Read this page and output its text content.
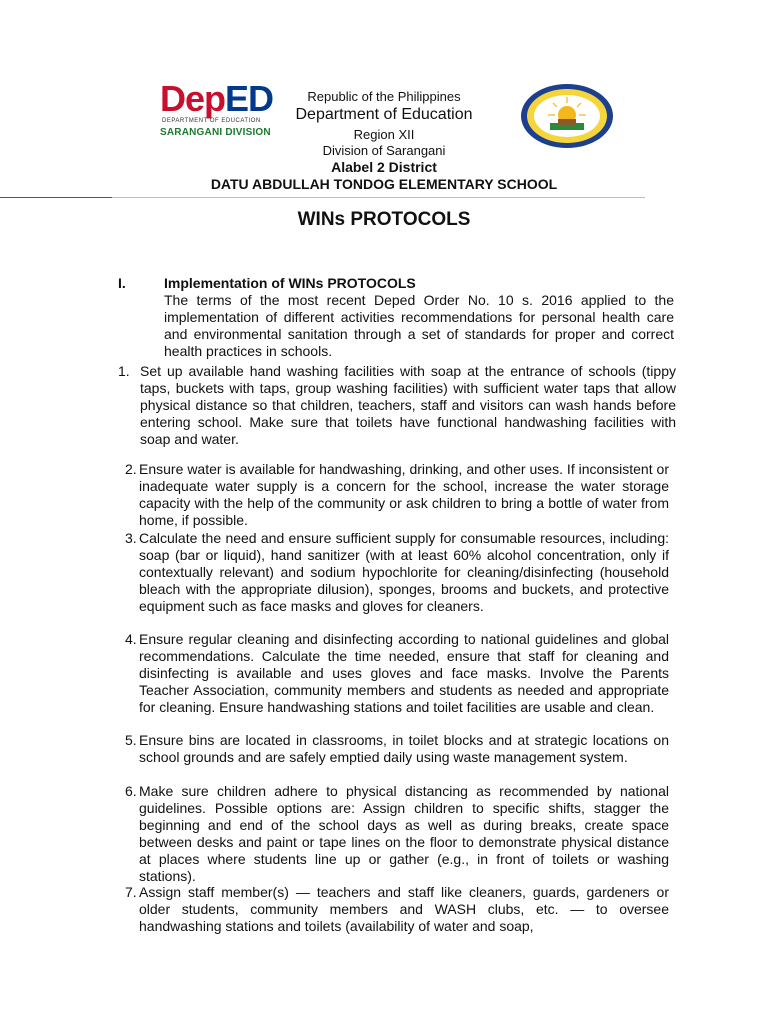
DepED
DEPARTMENT OF EDUCATION
SARANGANI DIVISION
Republic of the Philippines
Department of Education
Region XII
Division of Sarangani
Alabel 2 District
DATU ABDULLAH TONDOG ELEMENTARY SCHOOL
WINs PROTOCOLS
I.	Implementation of WINs PROTOCOLS
The terms of the most recent Deped Order No. 10 s. 2016 applied to the implementation of different activities recommendations for personal health care and environmental sanitation through a set of standards for proper and correct health practices in schools.
1. Set up available hand washing facilities with soap at the entrance of schools (tippy taps, buckets with taps, group washing facilities) with sufficient water taps that allow physical distance so that children, teachers, staff and visitors can wash hands before entering school. Make sure that toilets have functional handwashing facilities with soap and water.
2. Ensure water is available for handwashing, drinking, and other uses. If inconsistent or inadequate water supply is a concern for the school, increase the water storage capacity with the help of the community or ask children to bring a bottle of water from home, if possible.
3. Calculate the need and ensure sufficient supply for consumable resources, including: soap (bar or liquid), hand sanitizer (with at least 60% alcohol concentration, only if contextually relevant) and sodium hypochlorite for cleaning/disinfecting (household bleach with the appropriate dilusion), sponges, brooms and buckets, and protective equipment such as face masks and gloves for cleaners.
4. Ensure regular cleaning and disinfecting according to national guidelines and global recommendations. Calculate the time needed, ensure that staff for cleaning and disinfecting is available and uses gloves and face masks. Involve the Parents Teacher Association, community members and students as needed and appropriate for cleaning. Ensure handwashing stations and toilet facilities are usable and clean.
5. Ensure bins are located in classrooms, in toilet blocks and at strategic locations on school grounds and are safely emptied daily using waste management system.
6. Make sure children adhere to physical distancing as recommended by national guidelines. Possible options are: Assign children to specific shifts, stagger the beginning and end of the school days as well as during breaks, create space between desks and paint or tape lines on the floor to demonstrate physical distance at places where students line up or gather (e.g., in front of toilets or washing stations).
7. Assign staff member(s) — teachers and staff like cleaners, guards, gardeners or older students, community members and WASH clubs, etc. — to oversee handwashing stations and toilets (availability of water and soap,
